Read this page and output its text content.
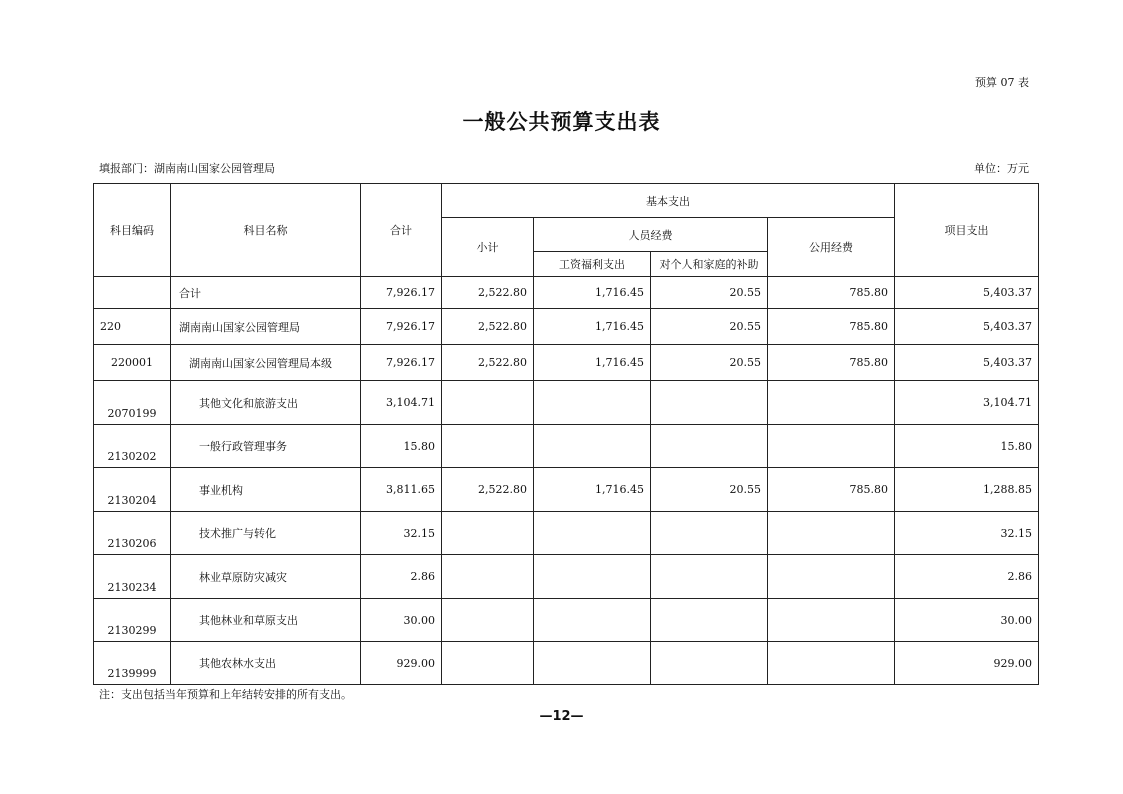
预算 07 表
一般公共预算支出表
填报部门：湖南南山国家公园管理局	单位：万元
科目编码	科目名称	合计	基本支出				项目支出
			小计	人员经费		公用经费	
				工资福利支出	对个人和家庭的补助		
	合计	7,926.17	2,522.80	1,716.45	20.55	785.80	5,403.37
220	湖南南山国家公园管理局	7,926.17	2,522.80	1,716.45	20.55	785.80	5,403.37
220001	湖南南山国家公园管理局本级	7,926.17	2,522.80	1,716.45	20.55	785.80	5,403.37
2070199	其他文化和旅游支出	3,104.71					3,104.71
2130202	一般行政管理事务	15.80					15.80
2130204	事业机构	3,811.65	2,522.80	1,716.45	20.55	785.80	1,288.85
2130206	技术推广与转化	32.15					32.15
2130234	林业草原防灾减灾	2.86					2.86
2130299	其他林业和草原支出	30.00					30.00
2139999	其他农林水支出	929.00					929.00
注：支出包括当年预算和上年结转安排的所有支出。
—12—
